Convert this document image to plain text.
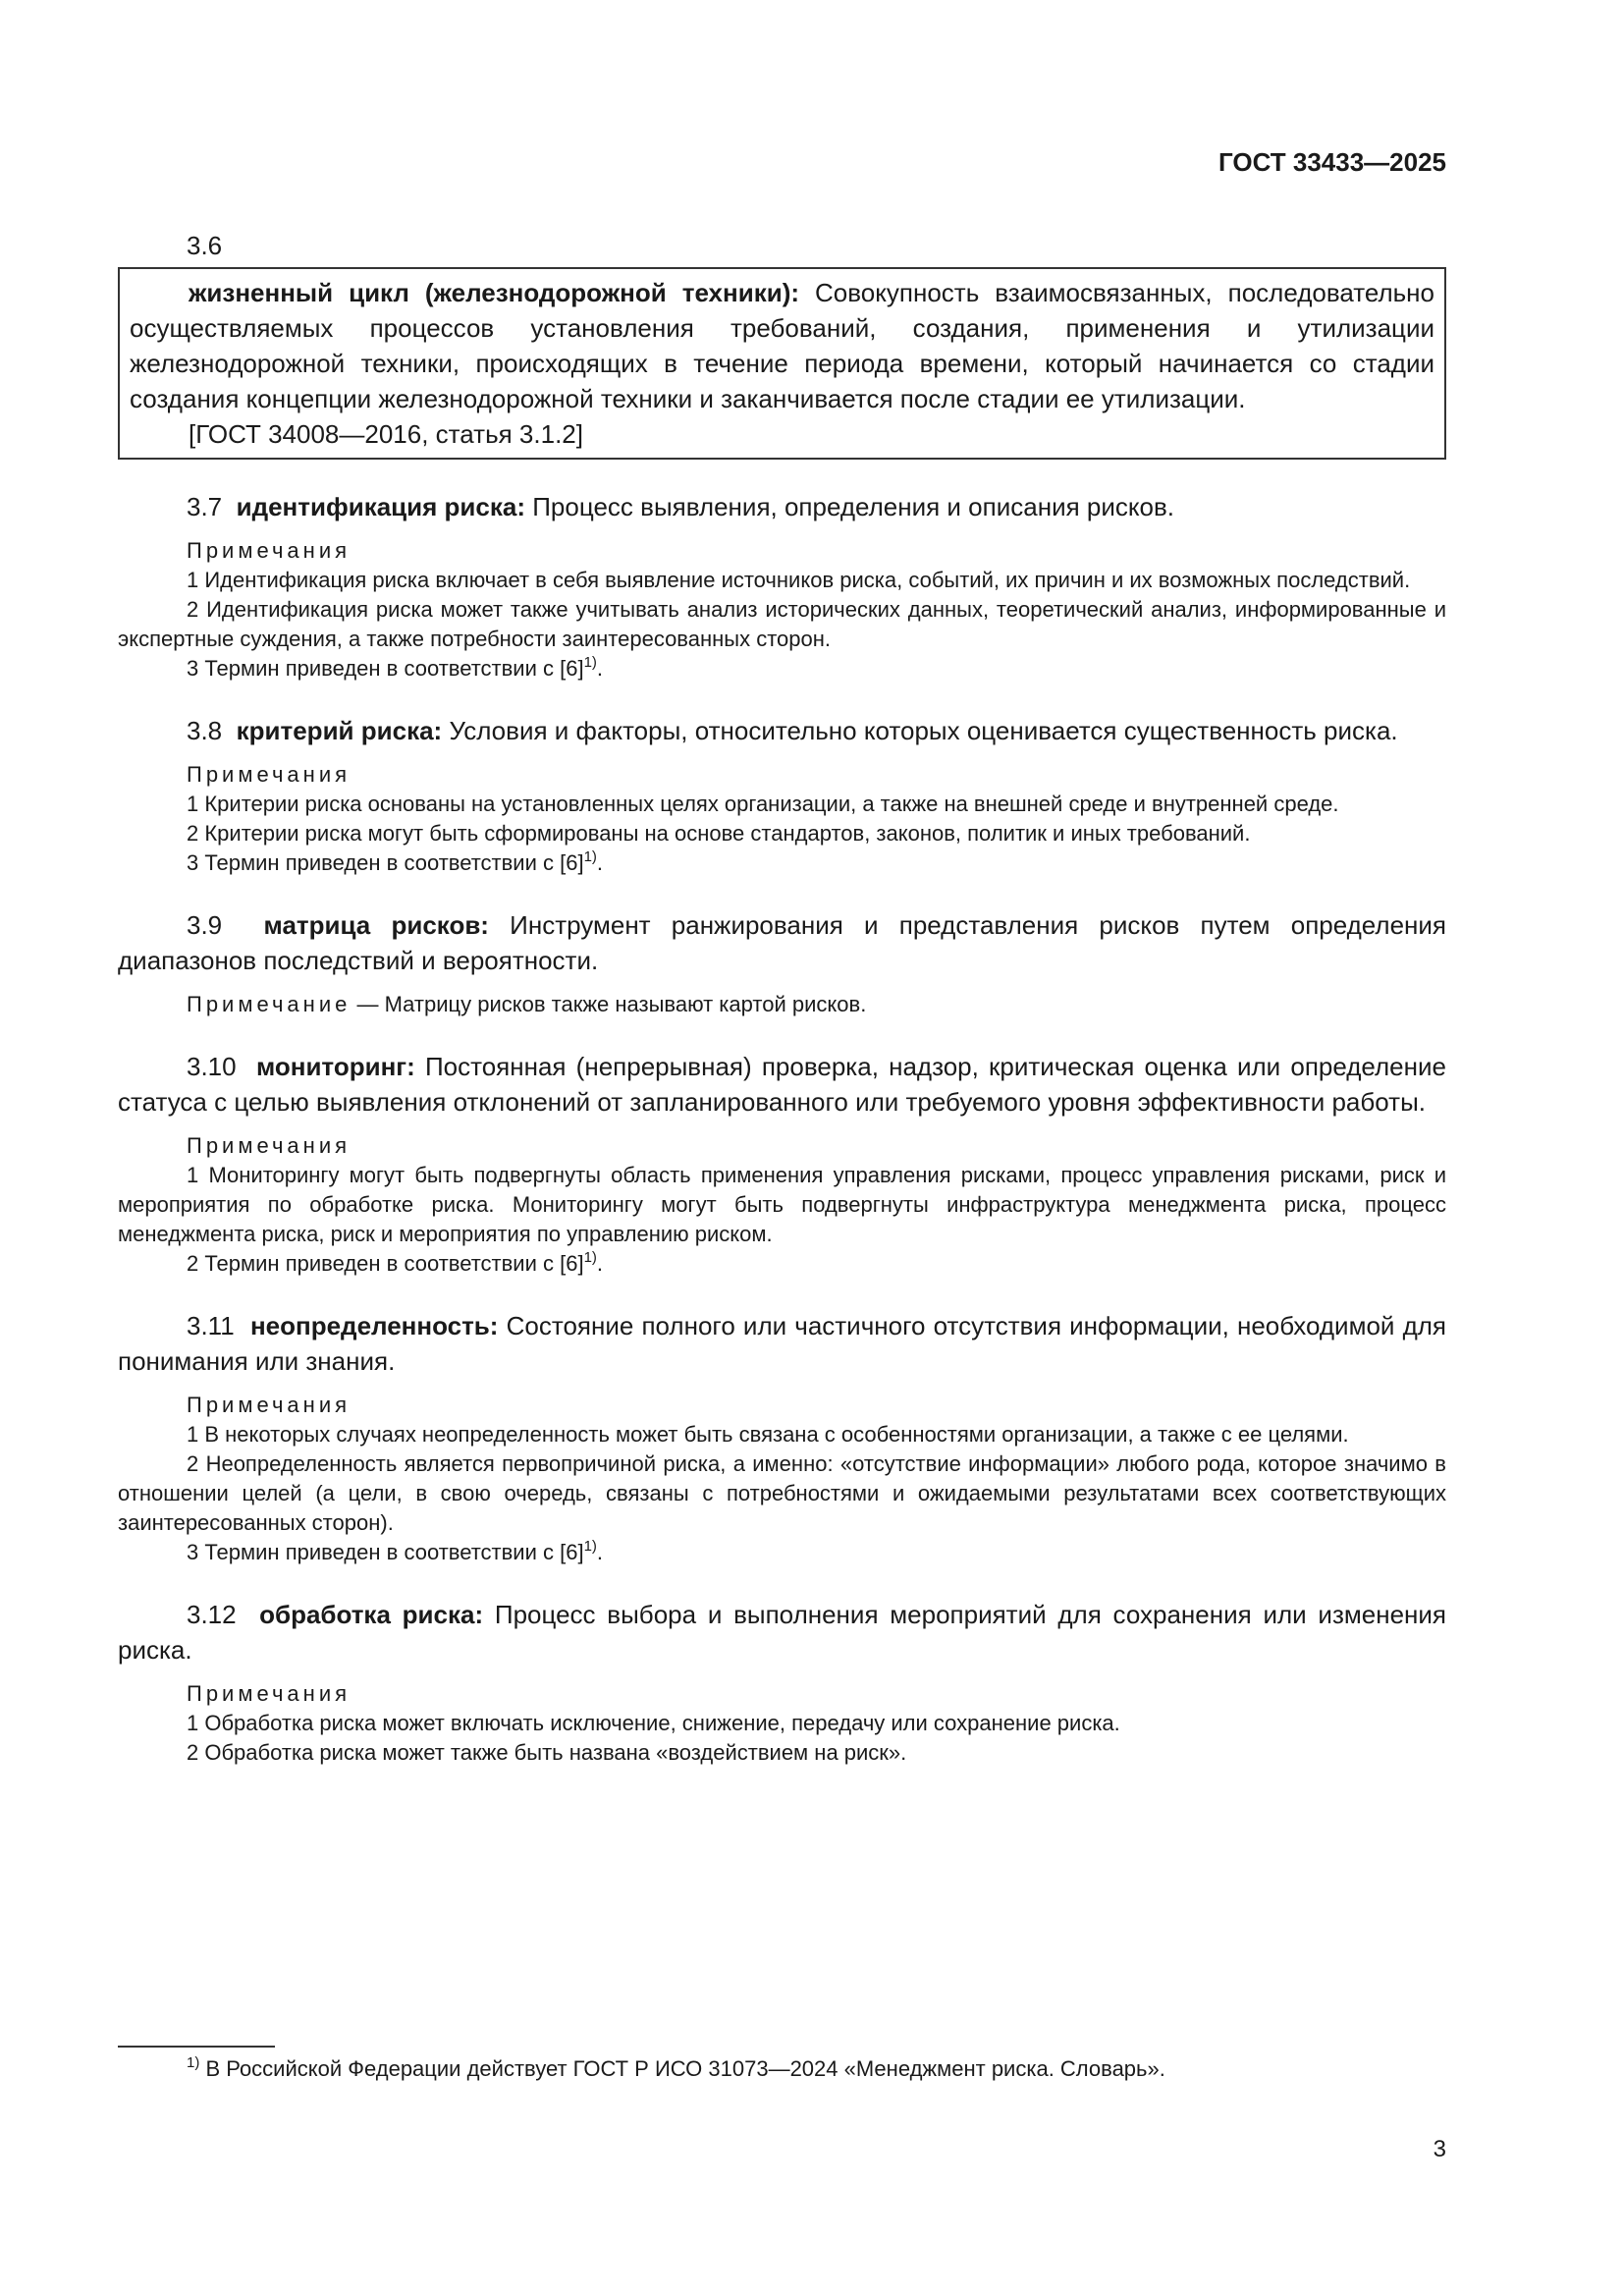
ГОСТ 33433—2025
3.6
жизненный цикл (железнодорожной техники): Совокупность взаимосвязанных, последовательно осуществляемых процессов установления требований, создания, применения и утилизации железнодорожной техники, происходящих в течение периода времени, который начинается со стадии создания концепции железнодорожной техники и заканчивается после стадии ее утилизации.
[ГОСТ 34008—2016, статья 3.1.2]
3.7 идентификация риска: Процесс выявления, определения и описания рисков.
Примечания
1 Идентификация риска включает в себя выявление источников риска, событий, их причин и их возможных последствий.
2 Идентификация риска может также учитывать анализ исторических данных, теоретический анализ, информированные и экспертные суждения, а также потребности заинтересованных сторон.
3 Термин приведен в соответствии с $[6]^{1)}$.
3.8 критерий риска: Условия и факторы, относительно которых оценивается существенность риска.
Примечания
1 Критерии риска основаны на установленных целях организации, а также на внешней среде и внутренней среде.
2 Критерии риска могут быть сформированы на основе стандартов, законов, политик и иных требований.
3 Термин приведен в соответствии с $[6]^{1)}$.
3.9 матрица рисков: Инструмент ранжирования и представления рисков путем определения диапазонов последствий и вероятности.
Примечание — Матрицу рисков также называют картой рисков.
3.10 мониторинг: Постоянная (непрерывная) проверка, надзор, критическая оценка или определение статуса с целью выявления отклонений от запланированного или требуемого уровня эффективности работы.
Примечания
1 Мониторингу могут быть подвергнуты область применения управления рисками, процесс управления рисками, риск и мероприятия по обработке риска. Мониторингу могут быть подвергнуты инфраструктура менеджмента риска, процесс менеджмента риска, риск и мероприятия по управлению риском.
2 Термин приведен в соответствии с $[6]^{1)}$.
3.11 неопределенность: Состояние полного или частичного отсутствия информации, необходимой для понимания или знания.
Примечания
1 В некоторых случаях неопределенность может быть связана с особенностями организации, а также с ее целями.
2 Неопределенность является первопричиной риска, а именно: «отсутствие информации» любого рода, которое значимо в отношении целей (а цели, в свою очередь, связаны с потребностями и ожидаемыми результатами всех соответствующих заинтересованных сторон).
3 Термин приведен в соответствии с $[6]^{1)}$.
3.12 обработка риска: Процесс выбора и выполнения мероприятий для сохранения или изменения риска.
Примечания
1 Обработка риска может включать исключение, снижение, передачу или сохранение риска.
2 Обработка риска может также быть названа «воздействием на риск».
$^{1)}$ В Российской Федерации действует ГОСТ Р ИСО 31073—2024 «Менеджмент риска. Словарь».
3
